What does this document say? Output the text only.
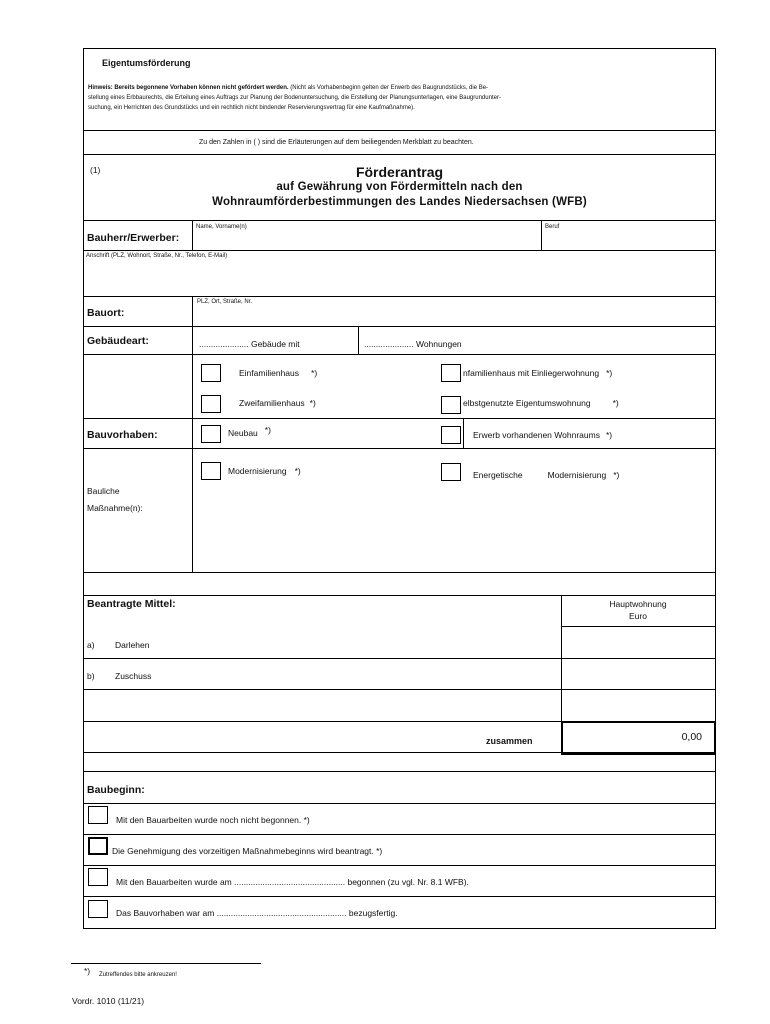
Eigentumsförderung
Hinweis: Bereits begonnene Vorhaben können nicht gefördert werden. (Nicht als Vorhabenbeginn gelten der Erwerb des Baugrundstücks, die Be-
stellung eines Erbbaurechts, die Erteilung eines Auftrags zur Planung der Bodenuntersuchung, die Erstellung der Planungsunterlagen, eine Baugrundunter-
suchung, ein Herrichten des Grundstücks und ein rechtlich nicht bindender Reservierungsvertrag für eine Kaufmaßnahme).
Zu den Zahlen in ( ) sind die Erläuterungen auf dem beiliegenden Merkblatt zu beachten.
(1)	Förderantrag
auf Gewährung von Fördermitteln nach den
Wohnraumförderbestimmungen des Landes Niedersachsen (WFB)
Bauherr/Erwerber:
Name, Vorname(n)	Beruf
Anschrift (PLZ, Wohnort, Straße, Nr., Telefon, E-Mail)
Bauort:
PLZ, Ort, Straße, Nr.
Gebäudeart:	..................... Gebäude mit	..................... Wohnungen
Einfamilienhaus *)	nfamilienhaus mit Einliegerwohnung *)
Zweifamilienhaus *)	elbstgenutzte Eigentumswohnung	*)
Bauvorhaben:	Neubau *)	Erwerb vorhandenen Wohnraums *)
Modernisierung *)	Energetische	Modernisierung *)
Bauliche
Maßnahme(n):
Beantragte Mittel:	Hauptwohnung
Euro
a) Darlehen
b) Zuschuss
zusammen	0,00
Baubeginn:
Mit den Bauarbeiten wurde noch nicht begonnen. *)
Die Genehmigung des vorzeitigen Maßnahmebeginns wird beantragt. *)
Mit den Bauarbeiten wurde am ............................................... begonnen (zu vgl. Nr. 8.1 WFB).
Das Bauvorhaben war am ....................................................... bezugsfertig.
*) Zutreffendes bitte ankreuzen!
Vordr. 1010 (11/21)
